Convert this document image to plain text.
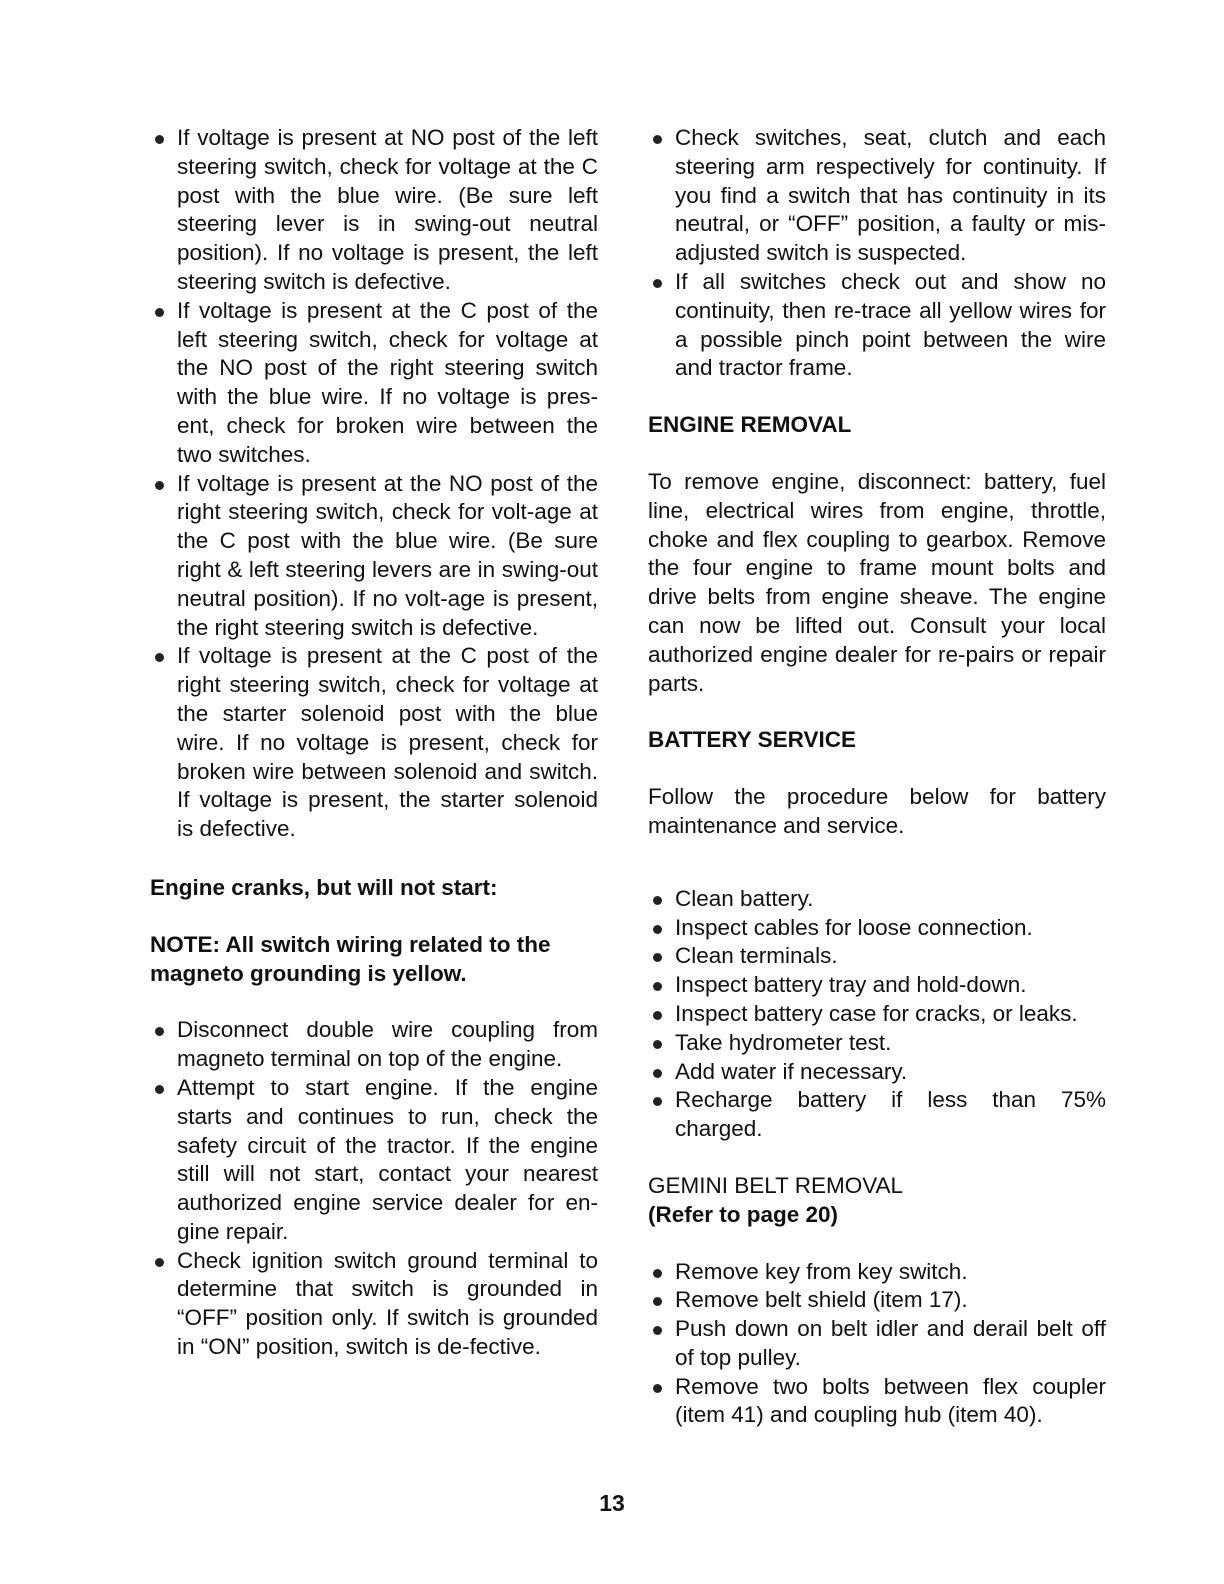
If voltage is present at NO post of the left steering switch, check for voltage at the C post with the blue wire. (Be sure left steering lever is in swing-out neutral position). If no voltage is present, the left steering switch is defective.
If voltage is present at the C post of the left steering switch, check for voltage at the NO post of the right steering switch with the blue wire. If no voltage is pres-ent, check for broken wire between the two switches.
If voltage is present at the NO post of the right steering switch, check for volt-age at the C post with the blue wire. (Be sure right & left steering levers are in swing-out neutral position). If no volt-age is present, the right steering switch is defective.
If voltage is present at the C post of the right steering switch, check for voltage at the starter solenoid post with the blue wire. If no voltage is present, check for broken wire between solenoid and switch. If voltage is present, the starter solenoid is defective.

Engine cranks, but will not start:

NOTE: All switch wiring related to the magneto grounding is yellow.

Disconnect double wire coupling from magneto terminal on top of the engine.
Attempt to start engine. If the engine starts and continues to run, check the safety circuit of the tractor. If the engine still will not start, contact your nearest authorized engine service dealer for en-gine repair.
Check ignition switch ground terminal to determine that switch is grounded in “OFF” position only. If switch is grounded in “ON” position, switch is de-fective.
Check switches, seat, clutch and each steering arm respectively for continuity. If you find a switch that has continuity in its neutral, or “OFF” position, a faulty or mis-adjusted switch is suspected.
If all switches check out and show no continuity, then re-trace all yellow wires for a possible pinch point between the wire and tractor frame.

ENGINE REMOVAL

To remove engine, disconnect: battery, fuel line, electrical wires from engine, throttle, choke and flex coupling to gearbox. Remove the four engine to frame mount bolts and drive belts from engine sheave. The engine can now be lifted out. Consult your local authorized engine dealer for re-pairs or repair parts.

BATTERY SERVICE

Follow the procedure below for battery maintenance and service.

Clean battery.
Inspect cables for loose connection.
Clean terminals.
Inspect battery tray and hold-down.
Inspect battery case for cracks, or leaks.
Take hydrometer test.
Add water if necessary.
Recharge battery if less than 75% charged.

GEMINI BELT REMOVAL

(Refer to page 20)

Remove key from key switch.
Remove belt shield (item 17).
Push down on belt idler and derail belt off of top pulley.
Remove two bolts between flex coupler (item 41) and coupling hub (item 40).
13
